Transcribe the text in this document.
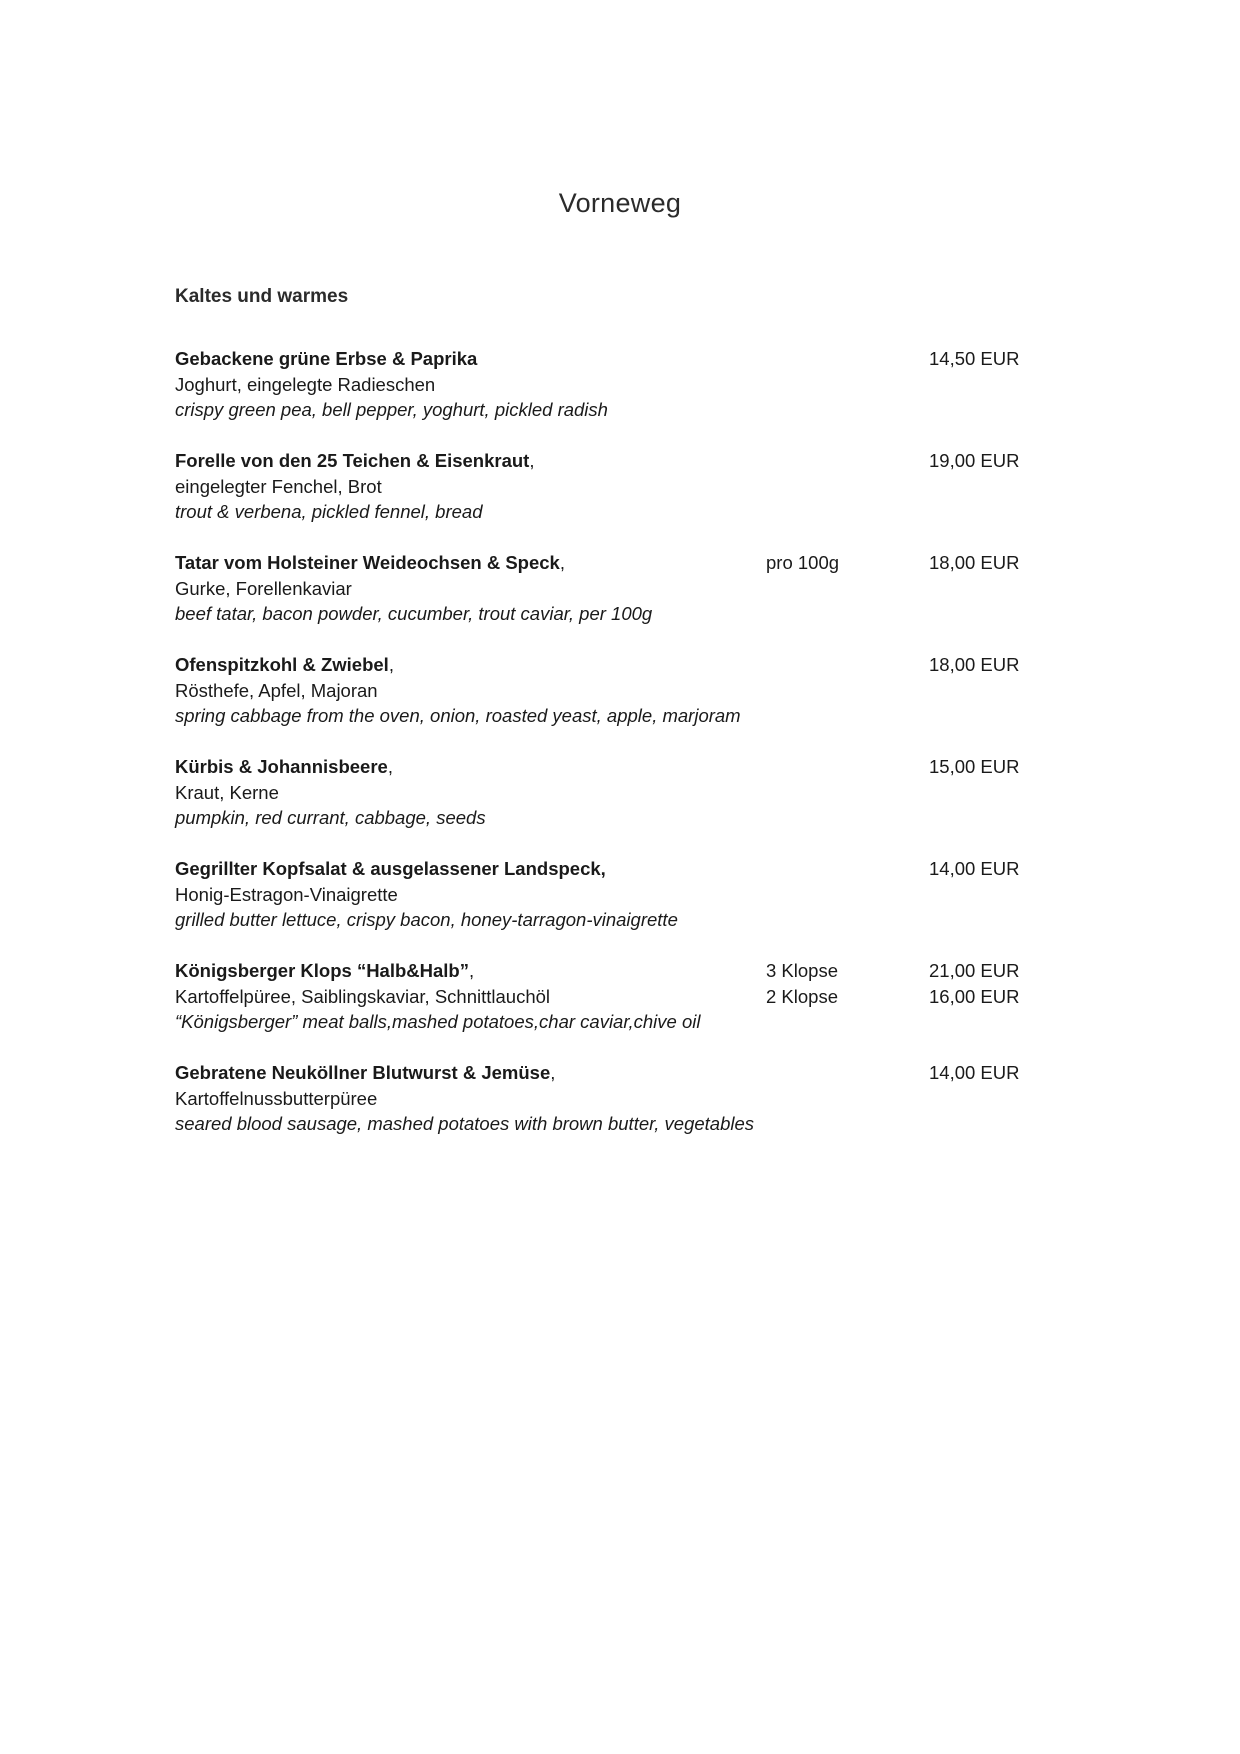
Vorneweg
Kaltes und warmes
Gebackene grüne Erbse & Paprika	14,50 EUR
Joghurt, eingelegte Radieschen
crispy green pea, bell pepper, yoghurt, pickled radish
Forelle von den 25 Teichen & Eisenkraut,	19,00 EUR
eingelegter Fenchel, Brot
trout & verbena, pickled fennel, bread
Tatar vom Holsteiner Weideochsen & Speck,	pro 100g	18,00 EUR
Gurke, Forellenkaviar
beef tatar, bacon powder, cucumber, trout caviar, per 100g
Ofenspitzkohl & Zwiebel,	18,00 EUR
Rösthefe, Apfel, Majoran
spring cabbage from the oven, onion, roasted yeast, apple, marjoram
Kürbis & Johannisbeere,	15,00 EUR
Kraut, Kerne
pumpkin, red currant, cabbage, seeds
Gegrillter Kopfsalat & ausgelassener Landspeck,	14,00 EUR
Honig-Estragon-Vinaigrette
grilled butter lettuce, crispy bacon, honey-tarragon-vinaigrette
Königsberger Klops “Halb&Halb”,	3 Klopse	21,00 EUR
Kartoffelpüree, Saiblingskaviar, Schnittlauchöl	2 Klopse	16,00 EUR
“Königsberger” meat balls,mashed potatoes,char caviar,chive oil
Gebratene Neuköllner Blutwurst & Jemüse,	14,00 EUR
Kartoffelnussbutterpüree
seared blood sausage, mashed potatoes with brown butter, vegetables
